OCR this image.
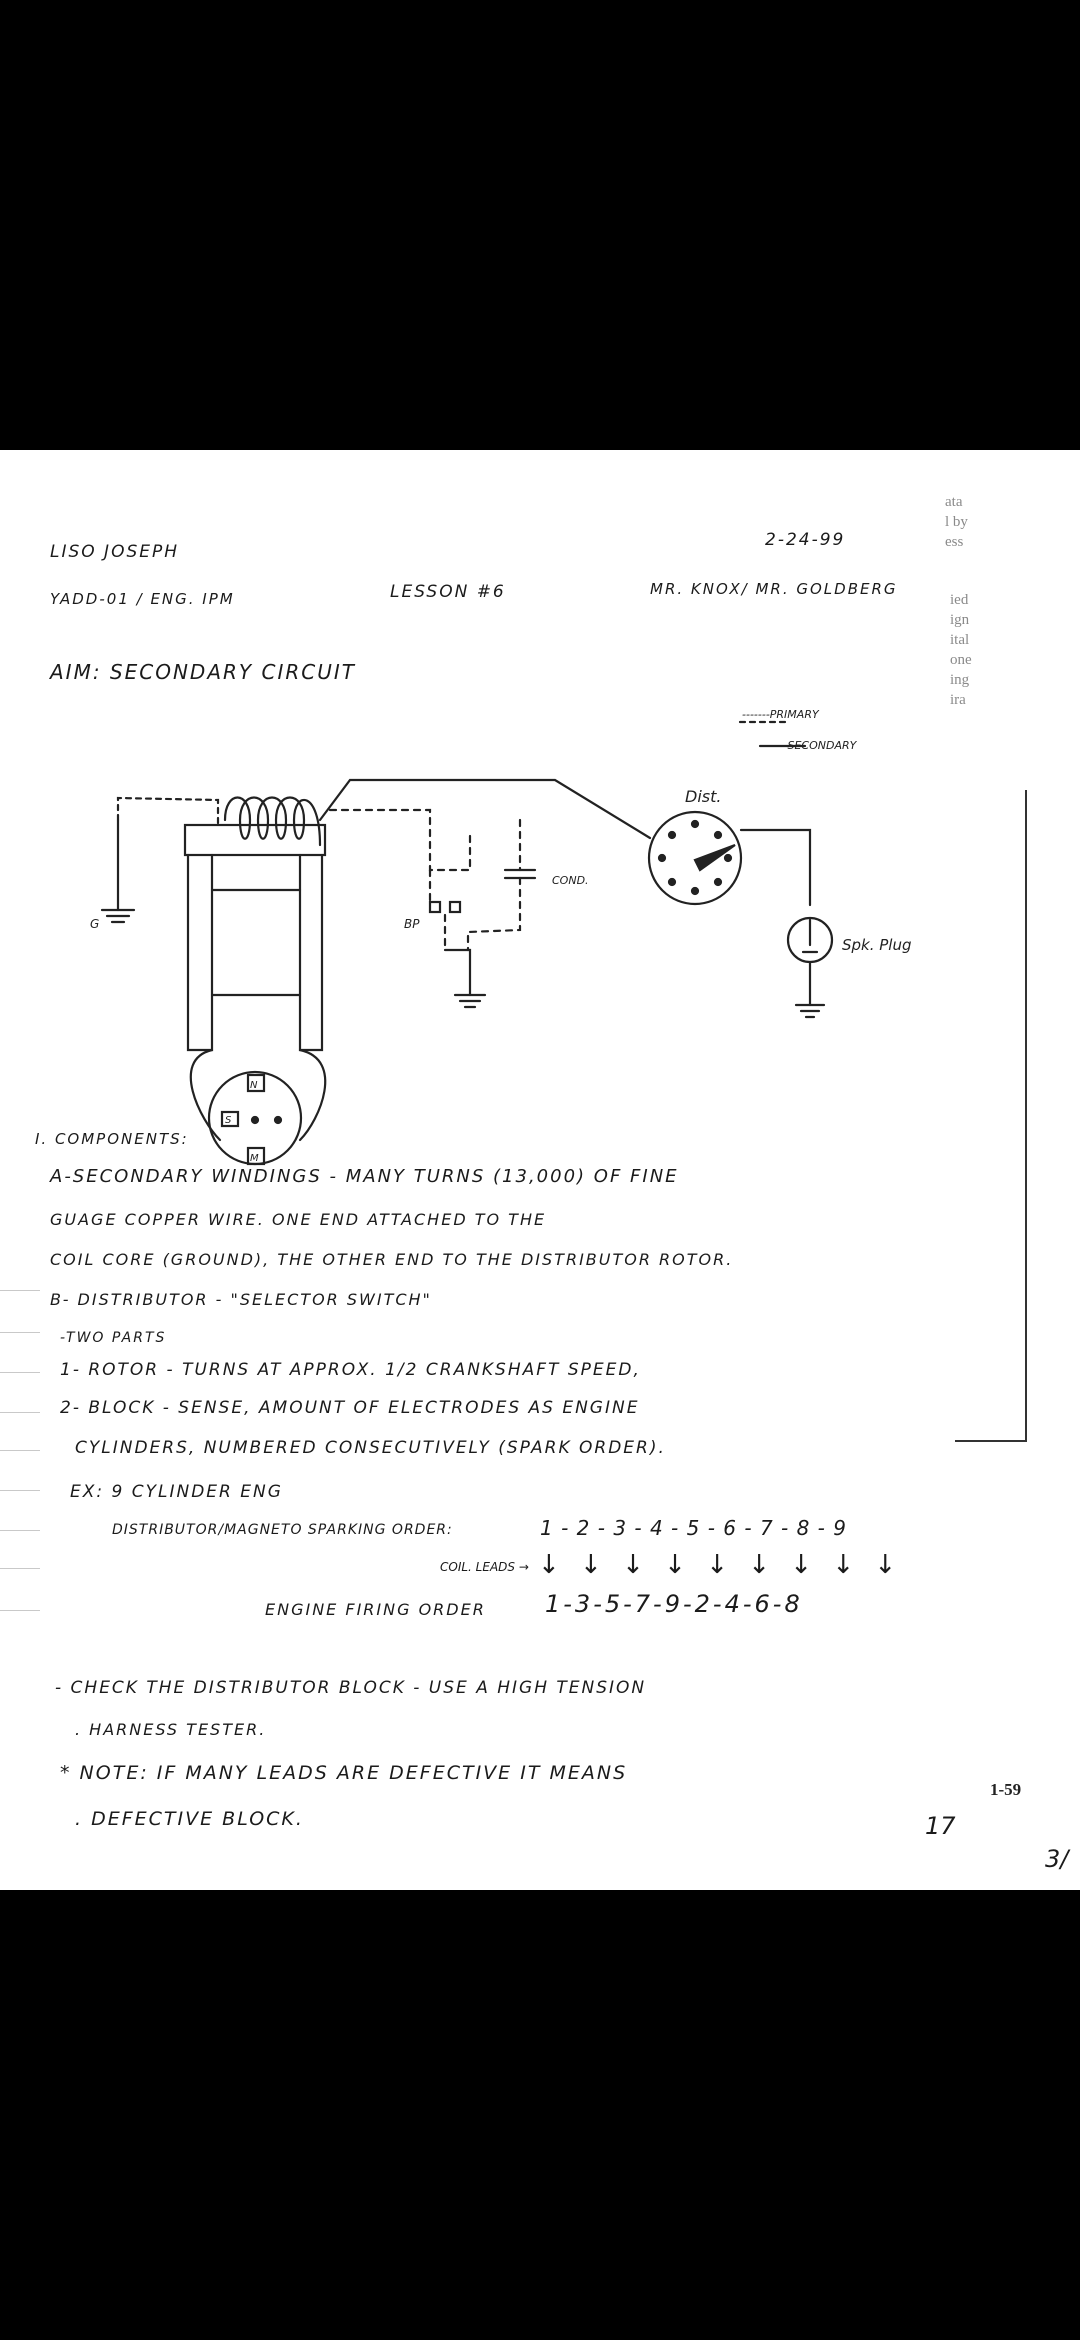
ata
l by
ess
ied
ign
ital
one
ing
ira
LISO JOSEPH
2-24-99
YADD-01 / ENG. IPM	LESSON #6	MR. KNOX/ MR. GOLDBERG
AIM: SECONDARY CIRCUIT
-------PRIMARY
—— SECONDARY
Dist.
COND.
BP
G
Spk. Plug
N
M
S
I. COMPONENTS:
A-SECONDARY WINDINGS - MANY TURNS (13,000) OF FINE
GUAGE COPPER WIRE. ONE END ATTACHED TO THE
COIL CORE (GROUND), THE OTHER END TO THE DISTRIBUTOR ROTOR.
B- DISTRIBUTOR - "SELECTOR SWITCH"
-TWO PARTS
1- ROTOR - TURNS AT APPROX. 1/2 CRANKSHAFT SPEED,
2- BLOCK - SENSE, AMOUNT OF ELECTRODES AS ENGINE
CYLINDERS, NUMBERED CONSECUTIVELY (SPARK ORDER).
EX: 9 CYLINDER ENG
DISTRIBUTOR/MAGNETO SPARKING ORDER:	1 - 2 - 3 - 4 - 5 - 6 - 7 - 8 - 9
COIL. LEADS → ↓ ↓ ↓ ↓ ↓ ↓ ↓ ↓ ↓
ENGINE FIRING ORDER 1-3-5-7-9-2-4-6-8
- CHECK THE DISTRIBUTOR BLOCK - USE A HIGH TENSION
. HARNESS TESTER.
* NOTE: IF MANY LEADS ARE DEFECTIVE IT MEANS
. DEFECTIVE BLOCK.
1-59
17
3/
